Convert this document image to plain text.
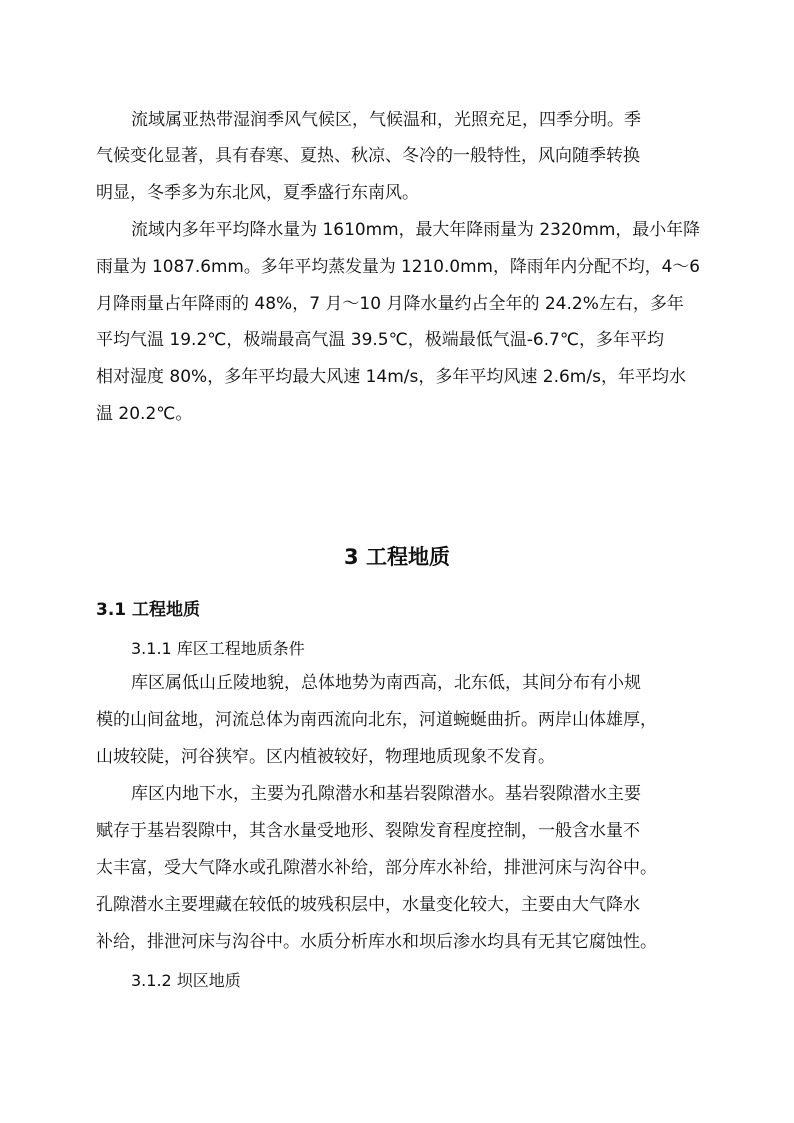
流域属亚热带湿润季风气候区，气候温和，光照充足，四季分明。季
气候变化显著，具有春寒、夏热、秋凉、冬冷的一般特性，风向随季转换
明显，冬季多为东北风，夏季盛行东南风。
流域内多年平均降水量为 1610mm，最大年降雨量为 2320mm，最小年降
雨量为 1087.6mm。多年平均蒸发量为 1210.0mm，降雨年内分配不均，4～6
月降雨量占年降雨的 48%，7 月～10 月降水量约占全年的 24.2%左右，多年
平均气温 19.2℃，极端最高气温 39.5℃，极端最低气温-6.7℃，多年平均
相对湿度 80%，多年平均最大风速 14m/s，多年平均风速 2.6m/s，年平均水
温 20.2℃。
3 工程地质
3.1 工程地质
3.1.1 库区工程地质条件
库区属低山丘陵地貌，总体地势为南西高，北东低，其间分布有小规
模的山间盆地，河流总体为南西流向北东，河道蜿蜒曲折。两岸山体雄厚，
山坡较陡，河谷狭窄。区内植被较好，物理地质现象不发育。
库区内地下水，主要为孔隙潜水和基岩裂隙潜水。基岩裂隙潜水主要
赋存于基岩裂隙中，其含水量受地形、裂隙发育程度控制，一般含水量不
太丰富，受大气降水或孔隙潜水补给，部分库水补给，排泄河床与沟谷中。
孔隙潜水主要埋藏在较低的坡残积层中，水量变化较大，主要由大气降水
补给，排泄河床与沟谷中。水质分析库水和坝后渗水均具有无其它腐蚀性。
3.1.2 坝区地质
